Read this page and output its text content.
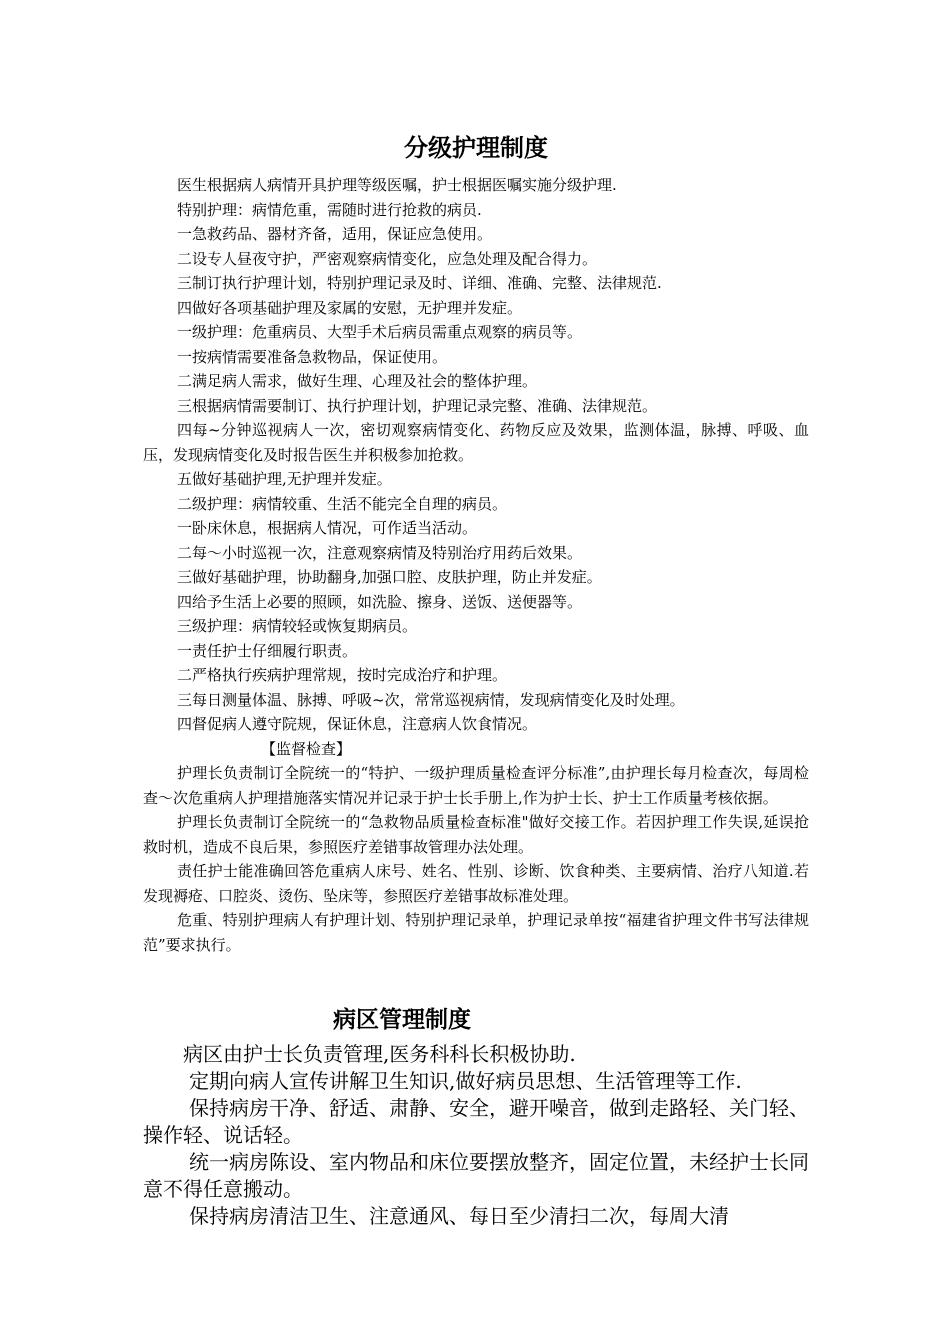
分级护理制度

医生根据病人病情开具护理等级医嘱，护士根据医嘱实施分级护理.

特别护理：病情危重，需随时进行抢救的病员.

一急救药品、器材齐备，适用，保证应急使用。

二设专人昼夜守护，严密观察病情变化，应急处理及配合得力。

三制订执行护理计划，特别护理记录及时、详细、准确、完整、法律规范.

四做好各项基础护理及家属的安慰，无护理并发症。

一级护理：危重病员、大型手术后病员需重点观察的病员等。

一按病情需要准备急救物品，保证使用。

二满足病人需求，做好生理、心理及社会的整体护理。

三根据病情需要制订、执行护理计划，护理记录完整、准确、法律规范。

四每~分钟巡视病人一次，密切观察病情变化、药物反应及效果，监测体温，脉搏、呼吸、血压，发现病情变化及时报告医生并积极参加抢救。

五做好基础护理,无护理并发症。

二级护理：病情较重、生活不能完全自理的病员。

一卧床休息，根据病人情况，可作适当活动。

二每～小时巡视一次，注意观察病情及特别治疗用药后效果。

三做好基础护理，协助翻身,加强口腔、皮肤护理，防止并发症。

四给予生活上必要的照顾，如洗脸、擦身、送饭、送便器等。

三级护理：病情较轻或恢复期病员。

一责任护士仔细履行职责。

二严格执行疾病护理常规，按时完成治疗和护理。

三每日测量体温、脉搏、呼吸~次，常常巡视病情，发现病情变化及时处理。

四督促病人遵守院规，保证休息，注意病人饮食情况。

【监督检查】

护理长负责制订全院统一的“特护、一级护理质量检查评分标准”,由护理长每月检查次，每周检查～次危重病人护理措施落实情况并记录于护士长手册上,作为护士长、护士工作质量考核依据。

护理长负责制订全院统一的“急救物品质量检查标准"做好交接工作。若因护理工作失误,延误抢救时机，造成不良后果，参照医疗差错事故管理办法处理。

责任护士能准确回答危重病人床号、姓名、性别、诊断、饮食种类、主要病情、治疗八知道.若发现褥疮、口腔炎、烫伤、坠床等，参照医疗差错事故标准处理。

危重、特别护理病人有护理计划、特别护理记录单，护理记录单按“福建省护理文件书写法律规范”要求执行。

病区管理制度

病区由护士长负责管理,医务科科长积极协助.

定期向病人宣传讲解卫生知识,做好病员思想、生活管理等工作.

保持病房干净、舒适、肃静、安全，避开噪音，做到走路轻、关门轻、操作轻、说话轻。

统一病房陈设、室内物品和床位要摆放整齐，固定位置，未经护士长同意不得任意搬动。

保持病房清洁卫生、注意通风、每日至少清扫二次，每周大清
